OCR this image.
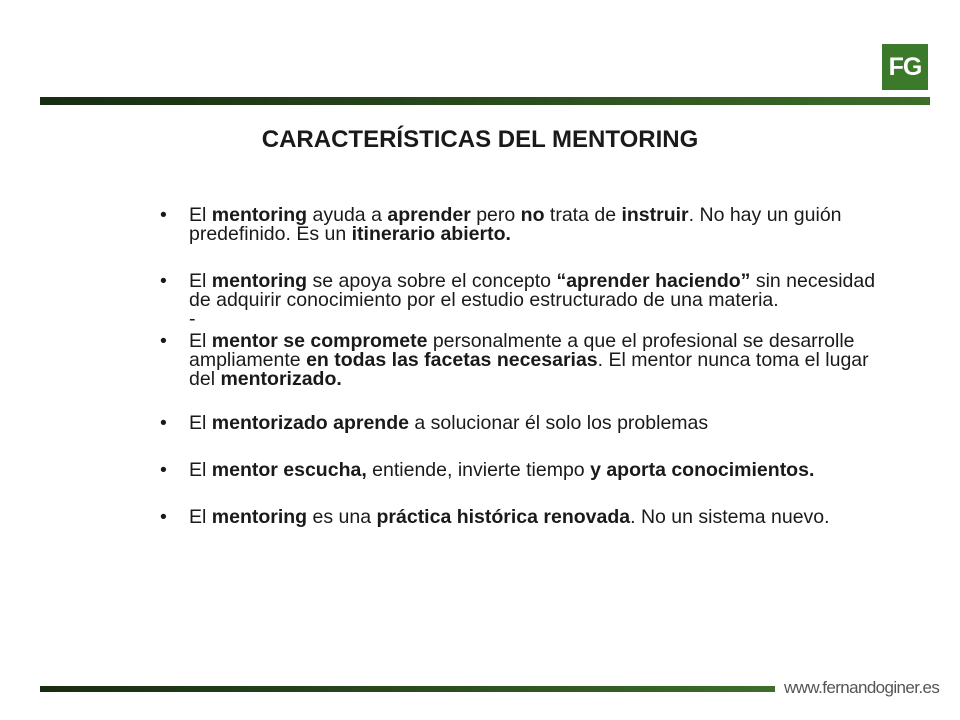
FG
CARACTERÍSTICAS DEL MENTORING
• El mentoring ayuda a aprender pero no trata de instruir. No hay un guión predefinido. Es un itinerario abierto.
• El mentoring se apoya sobre el concepto “aprender haciendo” sin necesidad de adquirir conocimiento por el estudio estructurado de una materia.
-
• El mentor se compromete personalmente a que el profesional se desarrolle ampliamente en todas las facetas necesarias. El mentor nunca toma el lugar del mentorizado.
• El mentorizado aprende a solucionar él solo los problemas
• El mentor escucha, entiende, invierte tiempo y aporta conocimientos.
• El mentoring es una práctica histórica renovada. No un sistema nuevo.
www.fernandoginer.es
